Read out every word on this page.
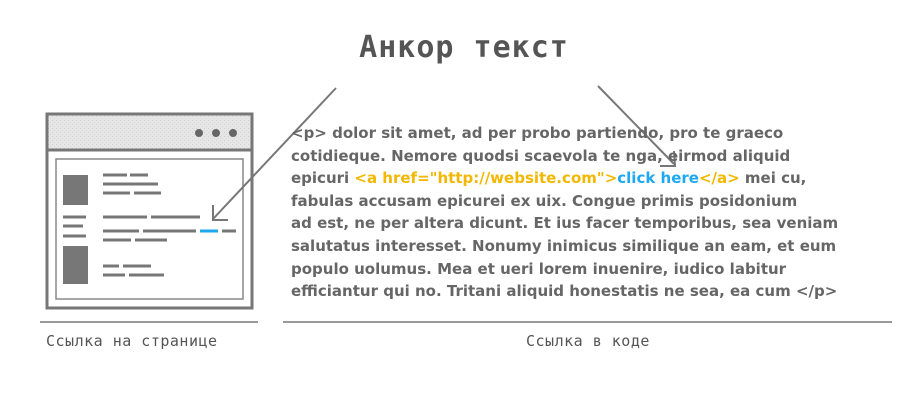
Анкор текст
<p> dolor sit amet, ad per probo partiendo, pro te graeco
cotidieque. Nemore quodsi scaevola te nga, eirmod aliquid
epicuri <a href="http://website.com">click here</a> mei cu,
fabulas accusam epicurei ex uix. Congue primis posidonium
ad est, ne per altera dicunt. Et ius facer temporibus, sea veniam
salutatus interesset. Nonumy inimicus similique an eam, et eum
populo uolumus. Mea et ueri lorem inuenire, iudico labitur
efficiantur qui no. Tritani aliquid honestatis ne sea, ea cum </p>
Ссылка на странице	Ссылка в коде
